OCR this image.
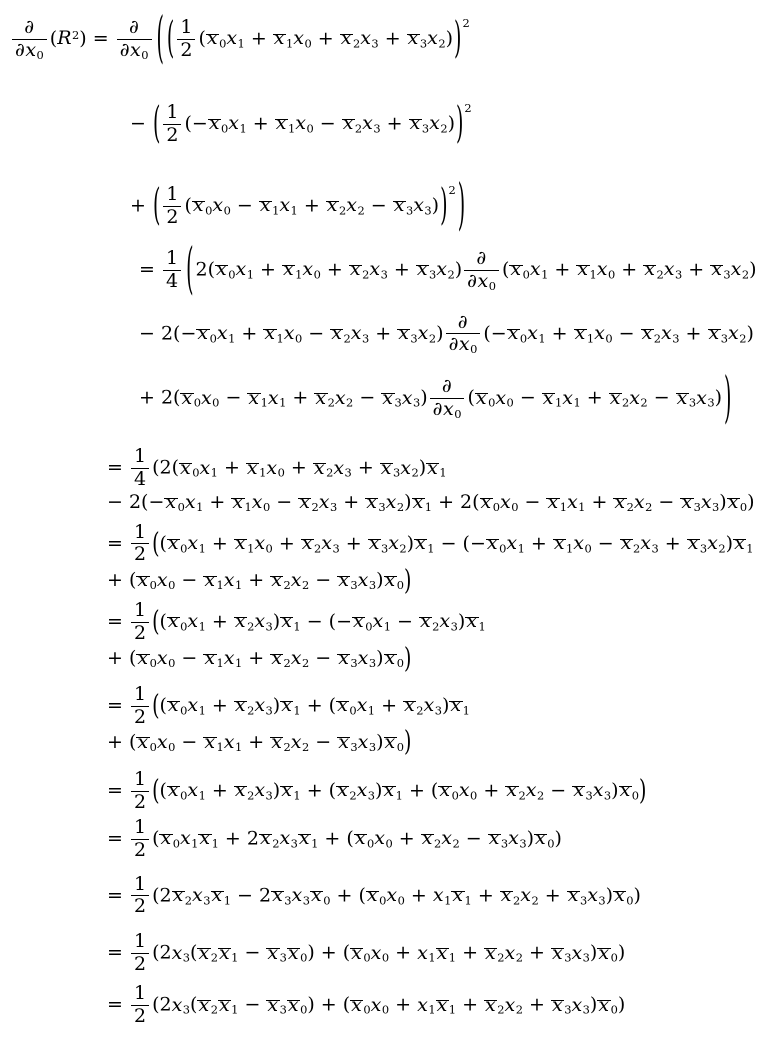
$\frac{\partial}{\partial x_0} (R^2) = \frac{\partial}{\partial x_0}$ ( ( $\frac{1}{2} (x$ $_0x_1 + x$ $_1x_0 + x$ $_2x_3 + x$ $_3x_2))^2$
− ( $\frac{1}{2} (-x$ $_0x_1 + x$ $_1x_0 - x$ $_2x_3 + x$ $_3x_2))^2$
+ ( $\frac{1}{2} (x$ $_0x_0 - x$ $_1x_1 + x$ $_2x_2 - x$ $_3x_3))^2$ )
= $\frac{1}{4}$ ( 2(x $_0x_1 + x$ $_1x_0 + x$ $_2x_3 + x$ $_3x_2) \frac{\partial}{\partial x_0} (x$ $_0x_1 + x$ $_1x_0 + x$ $_2x_3 + x$ $_3x_2$)
− 2(−x $_0x_1 + x$ $_1x_0 - x$ $_2x_3 + x$ $_3x_2) \frac{\partial}{\partial x_0} (-x$ $_0x_1 + x$ $_1x_0 - x$ $_2x_3 + x$ $_3x_2$)
+ 2(x $_0x_0 - x$ $_1x_1 + x$ $_2x_2 - x$ $_3x_3) \frac{\partial}{\partial x_0} (x$ $_0x_0 - x$ $_1x_1 + x$ $_2x_2 - x$ $_3x_3$) )
= $\frac{1}{4} (2(x$ $_0x_1 + x$ $_1x_0 + x$ $_2x_3 + x$ $_3x_2)x$ $_1$
− 2(−x $_0x_1 + x$ $_1x_0 - x$ $_2x_3 + x$ $_3x_2)x$ $_1$ + 2(x $_0x_0 - x$ $_1x_1 + x$ $_2x_2 - x$ $_3x_3)x$ $_0$)
= $\frac{1}{2} ((x$ $_0x_1 + x$ $_1x_0 + x$ $_2x_3 + x$ $_3x_2)x$ $_1$ − (−x $_0x_1 + x$ $_1x_0 - x$ $_2x_3 + x$ $_3x_2)x$ $_1$
+ (x $_0x_0 - x$ $_1x_1 + x$ $_2x_2 - x$ $_3x_3)x$ $_0$)
= $\frac{1}{2} ((x$ $_0x_1 + x$ $_2x_3)x$ $_1$ − (−x $_0x_1 - x$ $_2x_3)x$ $_1$
+ (x $_0x_0 - x$ $_1x_1 + x$ $_2x_2 - x$ $_3x_3)x$ $_0$)
= $\frac{1}{2} ((x$ $_0x_1 + x$ $_2x_3)x$ $_1$ + (x $_0x_1 + x$ $_2x_3)x$ $_1$
+ (x $_0x_0 - x$ $_1x_1 + x$ $_2x_2 - x$ $_3x_3)x$ $_0$)
= $\frac{1}{2} ((x$ $_0x_1 + x$ $_2x_3)x$ $_1$ + (x $_2x_3)x$ $_1$ + (x $_0x_0 + x$ $_2x_2 - x$ $_3x_3)x$ $_0$)
= $\frac{1}{2} (x$ $_0x_1x$ $_1$ + 2x $_2x_3x$ $_1$ + (x $_0x_0 + x$ $_2x_2 - x$ $_3x_3)x$ $_0$)
= $\frac{1}{2} (2x$ $_2x_3x$ $_1$ − 2x $_3x_3x$ $_0$ + (x $_0x_0 + x_1x$ $_1$ + x $_2x_2 + x$ $_3x_3)x$ $_0$)
= $\frac{1}{2} (2x_3(x$ $_2$x $_1$ − x $_3$x $_0$) + (x $_0x_0 + x_1x$ $_1$ + x $_2x_2 + x$ $_3x_3)x$ $_0$)
= $\frac{1}{2} (2x_3(x$ $_2$x $_1$ − x $_3$x $_0$) + (x $_0x_0 + x_1x$ $_1$ + x $_2x_2 + x$ $_3x_3)x$ $_0$)
